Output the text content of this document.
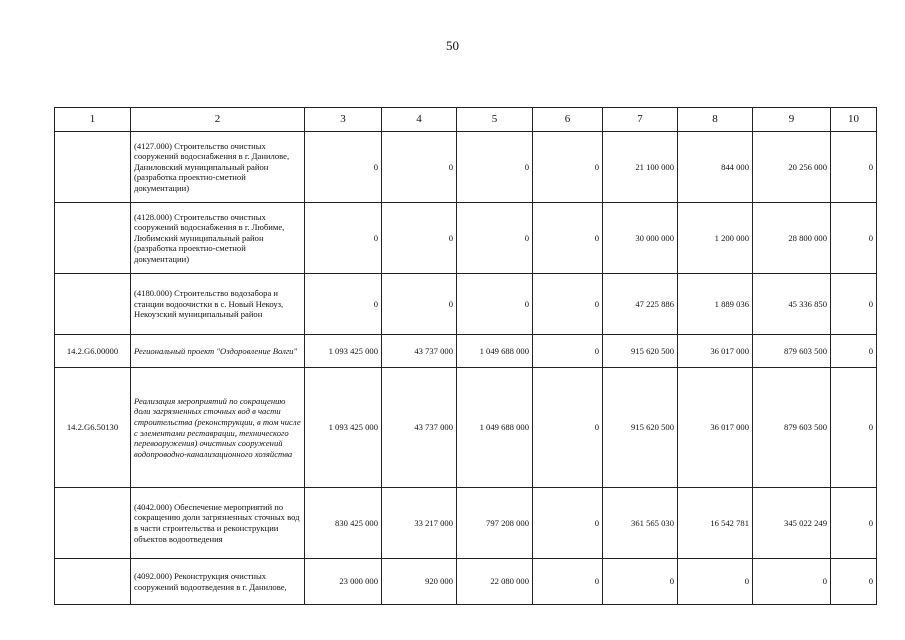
50
1	2	3	4	5	6	7	8	9	10
	(4127.000) Строительство очистных сооружений водоснабжения в г. Данилове, Даниловский муниципальный район (разработка проектно-сметной документации)	0	0	0	0	21 100 000	844 000	20 256 000	0
	(4128.000) Строительство очистных сооружений водоснабжения в г. Любиме, Любимский муниципальный район (разработка проектно-сметной документации)	0	0	0	0	30 000 000	1 200 000	28 800 000	0
	(4180.000) Строительство водозабора и станции водоочистки в с. Новый Некоуз, Некоузский муниципальный район	0	0	0	0	47 225 886	1 889 036	45 336 850	0
14.2.G6.00000	Региональный проект "Оздоровление Волги"	1 093 425 000	43 737 000	1 049 688 000	0	915 620 500	36 017 000	879 603 500	0
14.2.G6.50130	Реализация мероприятий по сокращению доли загрязненных сточных вод в части строительства (реконструкции, в том числе с элементами реставрации, технического перевооружения) очистных сооружений водопроводно-канализационного хозяйства	1 093 425 000	43 737 000	1 049 688 000	0	915 620 500	36 017 000	879 603 500	0
	(4042.000) Обеспечение мероприятий по сокращению доли загрязненных сточных вод в части строительства и реконструкции объектов водоотведения	830 425 000	33 217 000	797 208 000	0	361 565 030	16 542 781	345 022 249	0
	(4092.000) Реконструкция очистных сооружений водоотведения в г. Данилове,	23 000 000	920 000	22 080 000	0	0	0	0	0
